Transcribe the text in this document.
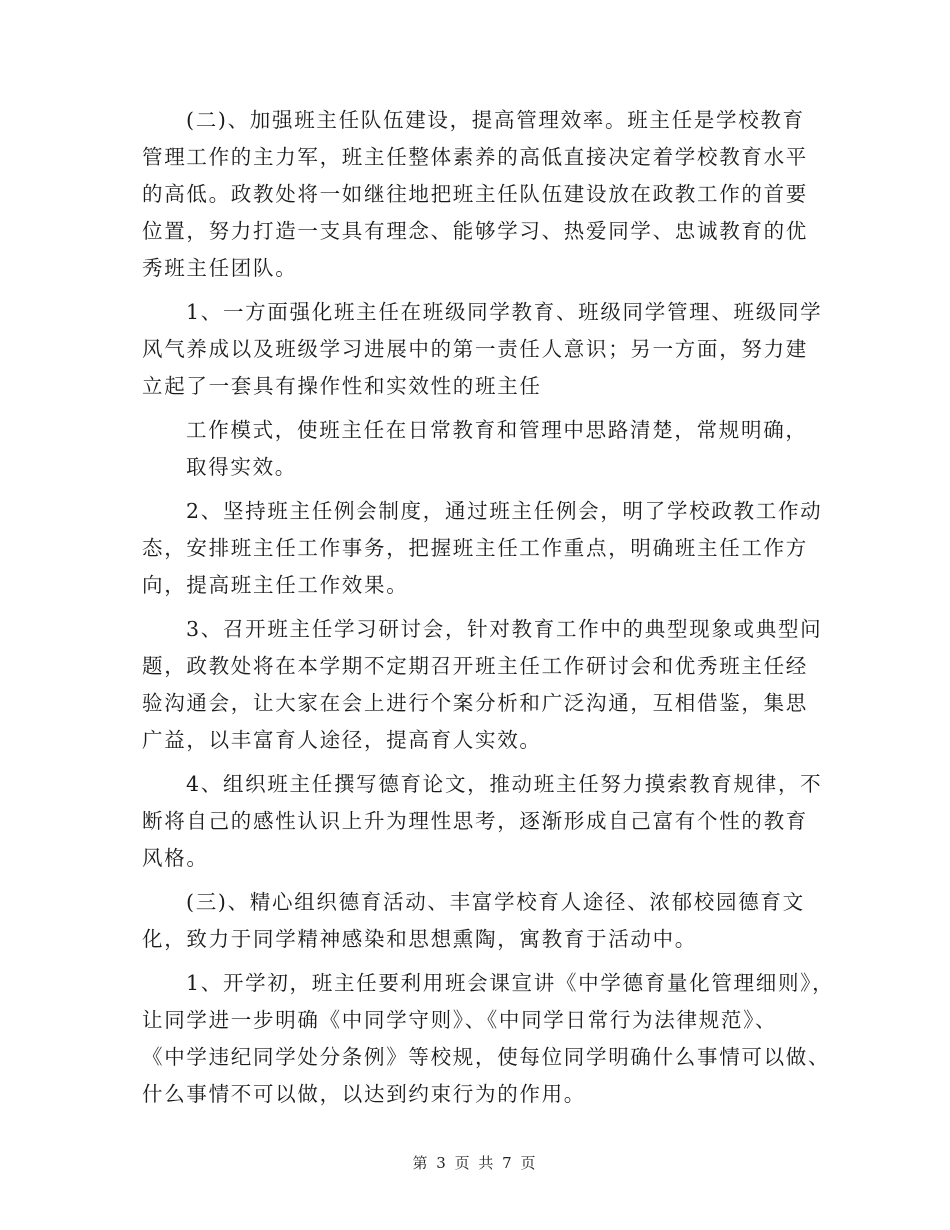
(二)、加强班主任队伍建设，提高管理效率。班主任是学校教育
管理工作的主力军，班主任整体素养的高低直接决定着学校教育水平
的高低。政教处将一如继往地把班主任队伍建设放在政教工作的首要
位置，努力打造一支具有理念、能够学习、热爱同学、忠诚教育的优
秀班主任团队。
1、一方面强化班主任在班级同学教育、班级同学管理、班级同学
风气养成以及班级学习进展中的第一责任人意识；另一方面，努力建
立起了一套具有操作性和实效性的班主任
工作模式，使班主任在日常教育和管理中思路清楚，常规明确，
取得实效。
2、坚持班主任例会制度，通过班主任例会，明了学校政教工作动
态，安排班主任工作事务，把握班主任工作重点，明确班主任工作方
向，提高班主任工作效果。
3、召开班主任学习研讨会，针对教育工作中的典型现象或典型问
题，政教处将在本学期不定期召开班主任工作研讨会和优秀班主任经
验沟通会，让大家在会上进行个案分析和广泛沟通，互相借鉴，集思
广益，以丰富育人途径，提高育人实效。
4、组织班主任撰写德育论文，推动班主任努力摸索教育规律，不
断将自己的感性认识上升为理性思考，逐渐形成自己富有个性的教育
风格。
(三)、精心组织德育活动、丰富学校育人途径、浓郁校园德育文
化，致力于同学精神感染和思想熏陶，寓教育于活动中。
1、开学初，班主任要利用班会课宣讲《中学德育量化管理细则》，
让同学进一步明确《中同学守则》、《中同学日常行为法律规范》、
《中学违纪同学处分条例》等校规，使每位同学明确什么事情可以做、
什么事情不可以做，以达到约束行为的作用。
第 3 页 共 7 页
